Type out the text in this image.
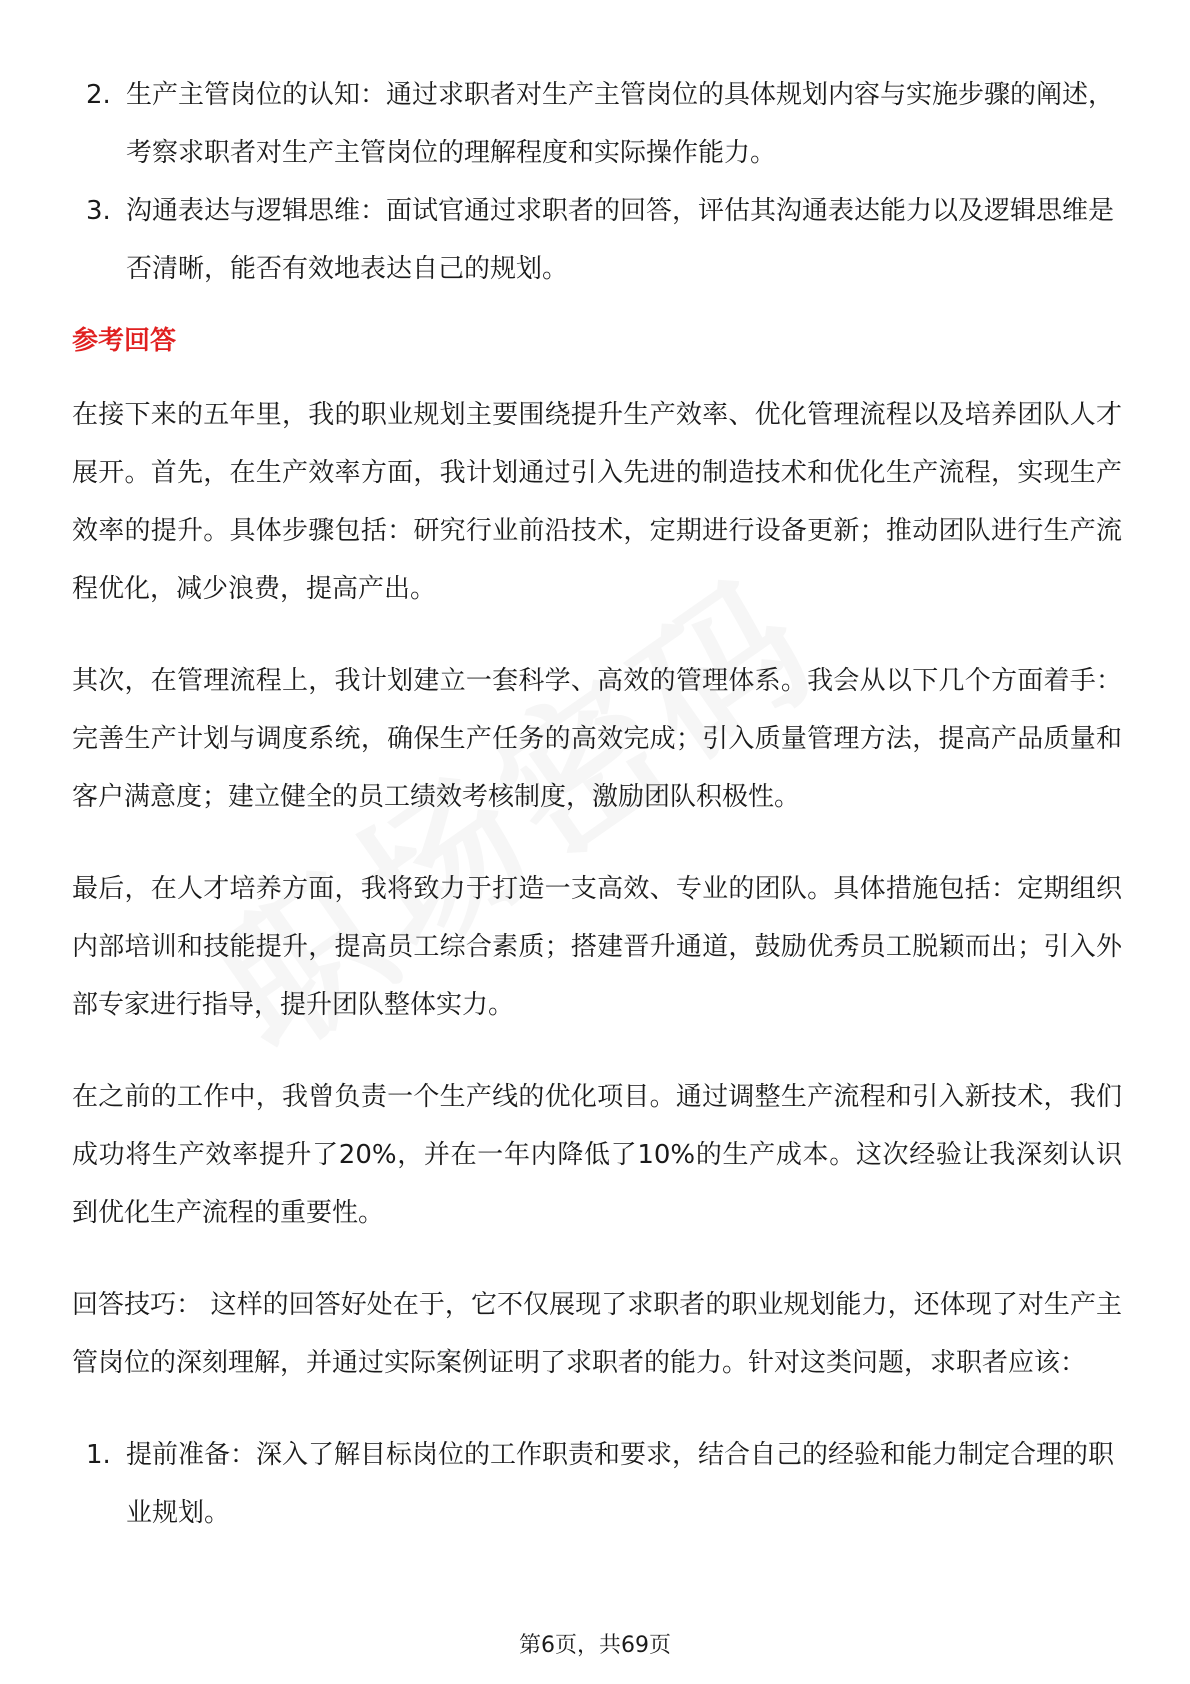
2. 生产主管岗位的认知：通过求职者对生产主管岗位的具体规划内容与实施步骤的阐述，考察求职者对生产主管岗位的理解程度和实际操作能力。

3. 沟通表达与逻辑思维：面试官通过求职者的回答，评估其沟通表达能力以及逻辑思维是否清晰，能否有效地表达自己的规划。

参考回答

在接下来的五年里，我的职业规划主要围绕提升生产效率、优化管理流程以及培养团队人才展开。首先，在生产效率方面，我计划通过引入先进的制造技术和优化生产流程，实现生产效率的提升。具体步骤包括：研究行业前沿技术，定期进行设备更新；推动团队进行生产流程优化，减少浪费，提高产出。

其次，在管理流程上，我计划建立一套科学、高效的管理体系。我会从以下几个方面着手：完善生产计划与调度系统，确保生产任务的高效完成；引入质量管理方法，提高产品质量和客户满意度；建立健全的员工绩效考核制度，激励团队积极性。

最后，在人才培养方面，我将致力于打造一支高效、专业的团队。具体措施包括：定期组织内部培训和技能提升，提高员工综合素质；搭建晋升通道，鼓励优秀员工脱颖而出；引入外部专家进行指导，提升团队整体实力。

在之前的工作中，我曾负责一个生产线的优化项目。通过调整生产流程和引入新技术，我们成功将生产效率提升了20%，并在一年内降低了10%的生产成本。这次经验让我深刻认识到优化生产流程的重要性。

回答技巧： 这样的回答好处在于，它不仅展现了求职者的职业规划能力，还体现了对生产主管岗位的深刻理解，并通过实际案例证明了求职者的能力。针对这类问题，求职者应该：

1. 提前准备：深入了解目标岗位的工作职责和要求，结合自己的经验和能力制定合理的职业规划。

第6页，共69页
